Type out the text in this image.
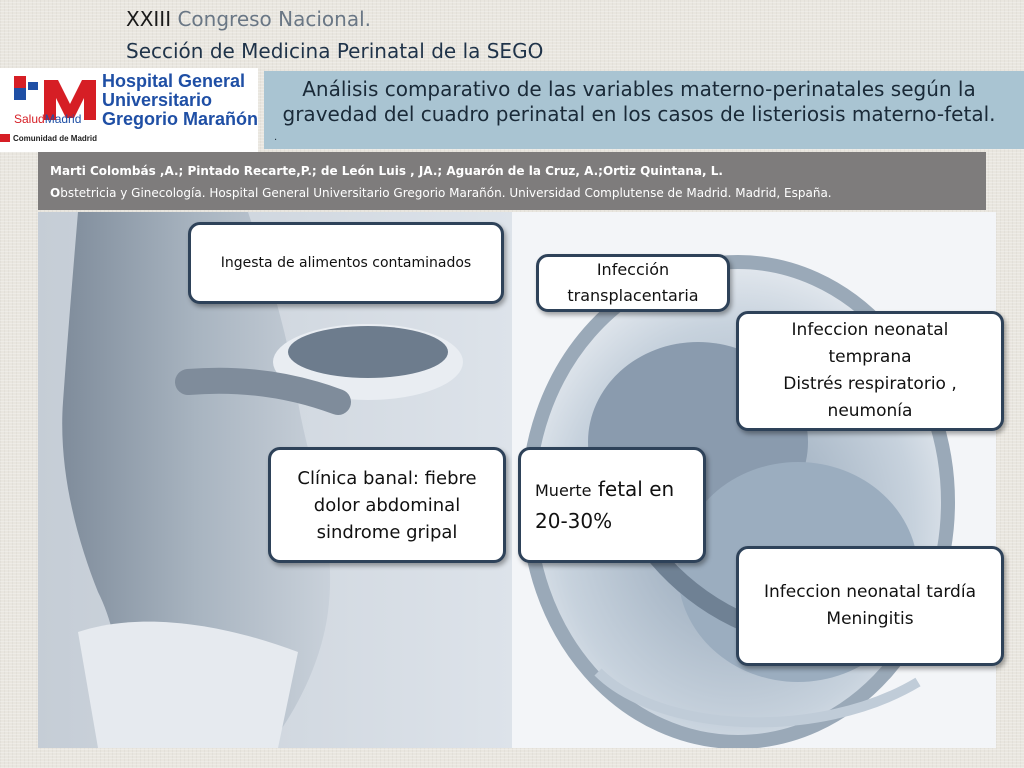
XXIII Congreso Nacional.
Sección de Medicina Perinatal de la SEGO
SaludMadrid
Hospital General
Universitario
Gregorio Marañón
Comunidad de Madrid
Análisis comparativo de las variables materno-perinatales según la gravedad del cuadro perinatal en los casos de listeriosis materno-fetal.
.
Marti Colombás ,A.; Pintado Recarte,P.; de León Luis , JA.; Aguarón de la Cruz, A.;Ortiz Quintana, L.
Obstetricia y Ginecología. Hospital General Universitario Gregorio Marañón. Universidad Complutense de Madrid. Madrid, España.
Ingesta de alimentos contaminados	Infección
transplacentaria
Infeccion neonatal
temprana
Distrés respiratorio ,
neumonía
Clínica banal: fiebre
dolor abdominal
sindrome gripal
Muerte fetal en
20-30%
Infeccion neonatal tardía
Meningitis
